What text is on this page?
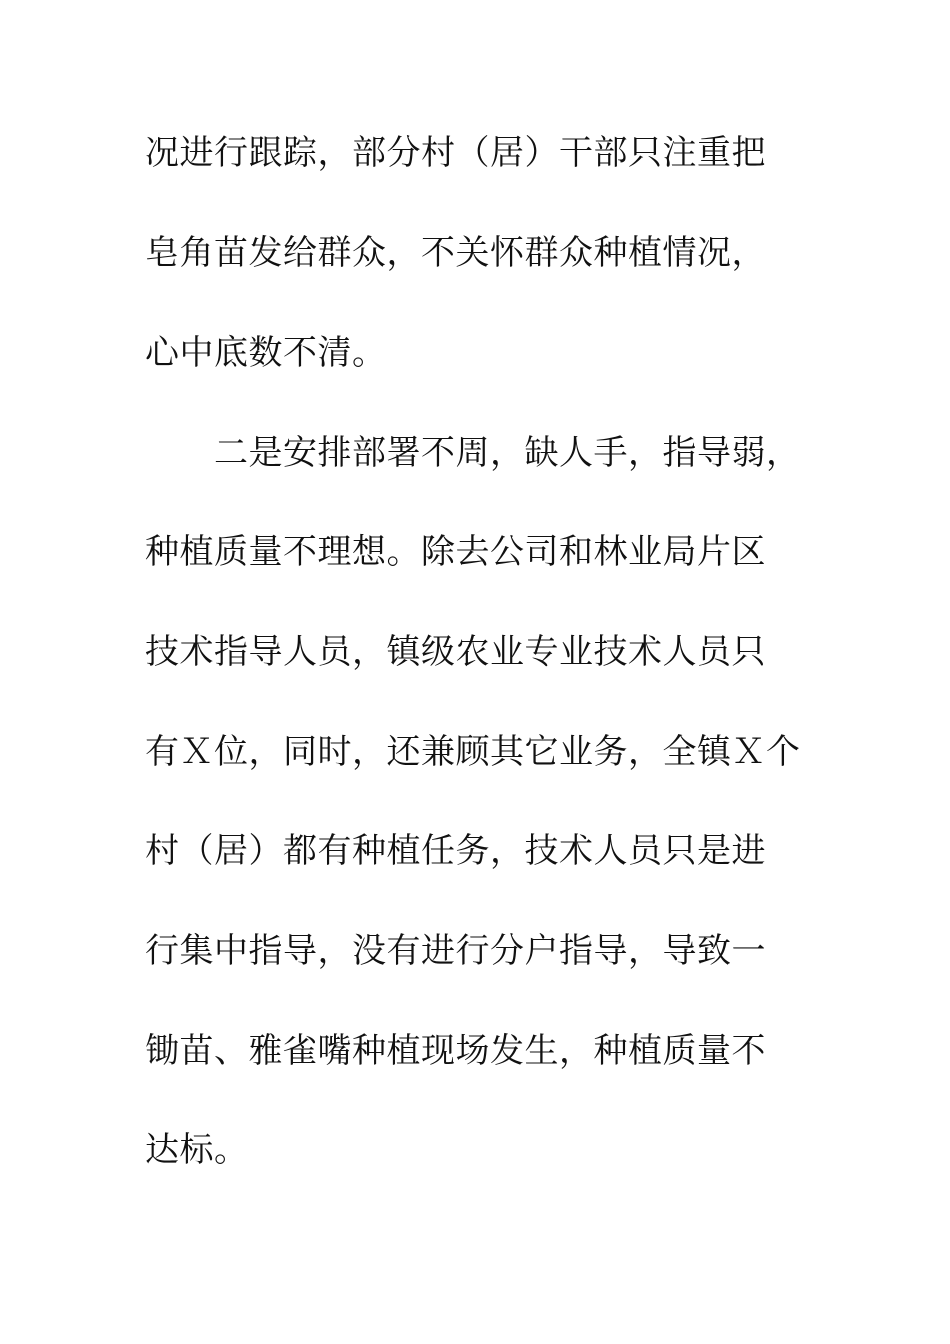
况进行跟踪，部分村（居）干部只注重把
皂角苗发给群众，不关怀群众种植情况，
心中底数不清。
二是安排部署不周，缺人手，指导弱，
种植质量不理想。除去公司和林业局片区
技术指导人员，镇级农业专业技术人员只
有Ｘ位，同时，还兼顾其它业务，全镇Ｘ个
村（居）都有种植任务，技术人员只是进
行集中指导，没有进行分户指导，导致一
锄苗、雅雀嘴种植现场发生，种植质量不
达标。
